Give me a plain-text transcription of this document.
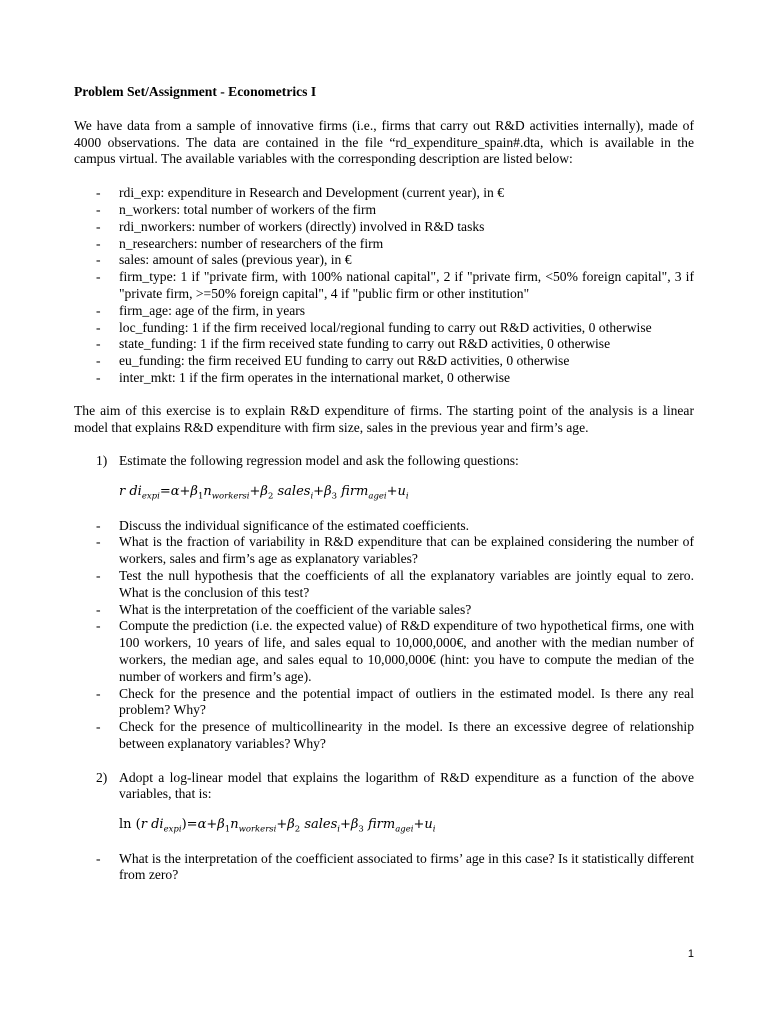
Problem Set/Assignment - Econometrics I

We have data from a sample of innovative firms (i.e., firms that carry out R&D activities internally), made of 4000 observations. The data are contained in the file “rd_expenditure_spain#.dta, which is available in the campus virtual. The available variables with the corresponding description are listed below:

- rdi_exp: expenditure in Research and Development (current year), in €
- n_workers: total number of workers of the firm
- rdi_nworkers: number of workers (directly) involved in R&D tasks
- n_researchers: number of researchers of the firm
- sales: amount of sales (previous year), in €
- firm_type: 1 if "private firm, with 100% national capital", 2 if "private firm, <50% foreign capital", 3 if "private firm, >=50% foreign capital", 4 if "public firm or other institution"
- firm_age: age of the firm, in years
- loc_funding: 1 if the firm received local/regional funding to carry out R&D activities, 0 otherwise
- state_funding: 1 if the firm received state funding to carry out R&D activities, 0 otherwise
- eu_funding: the firm received EU funding to carry out R&D activities, 0 otherwise
- inter_mkt: 1 if the firm operates in the international market, 0 otherwise

The aim of this exercise is to explain R&D expenditure of firms. The starting point of the analysis is a linear model that explains R&D expenditure with firm size, sales in the previous year and firm’s age.

1) Estimate the following regression model and ask the following questions:
r $di_{expi}=\alpha+\beta_1n_{workersi}+\beta_2$ $sales_i+\beta_3$ $firm_{agei}+u_i$
- Discuss the individual significance of the estimated coefficients.
- What is the fraction of variability in R&D expenditure that can be explained considering the number of workers, sales and firm’s age as explanatory variables?
- Test the null hypothesis that the coefficients of all the explanatory variables are jointly equal to zero. What is the conclusion of this test?
- What is the interpretation of the coefficient of the variable sales?
- Compute the prediction (i.e. the expected value) of R&D expenditure of two hypothetical firms, one with 100 workers, 10 years of life, and sales equal to 10,000,000€, and another with the median number of workers, the median age, and sales equal to 10,000,000€ (hint: you have to compute the median of the number of workers and firm’s age).
- Check for the presence and the potential impact of outliers in the estimated model. Is there any real problem? Why?
- Check for the presence of multicollinearity in the model. Is there an excessive degree of relationship between explanatory variables? Why?
2) Adopt a log-linear model that explains the logarithm of R&D expenditure as a function of the above variables, that is:
ln (r $di_{expi})=\alpha+\beta_1n_{workersi}+\beta_2$ $sales_i+\beta_3$ $firm_{agei}+u_i$
- What is the interpretation of the coefficient associated to firms’ age in this case? Is it statistically different from zero?
1
